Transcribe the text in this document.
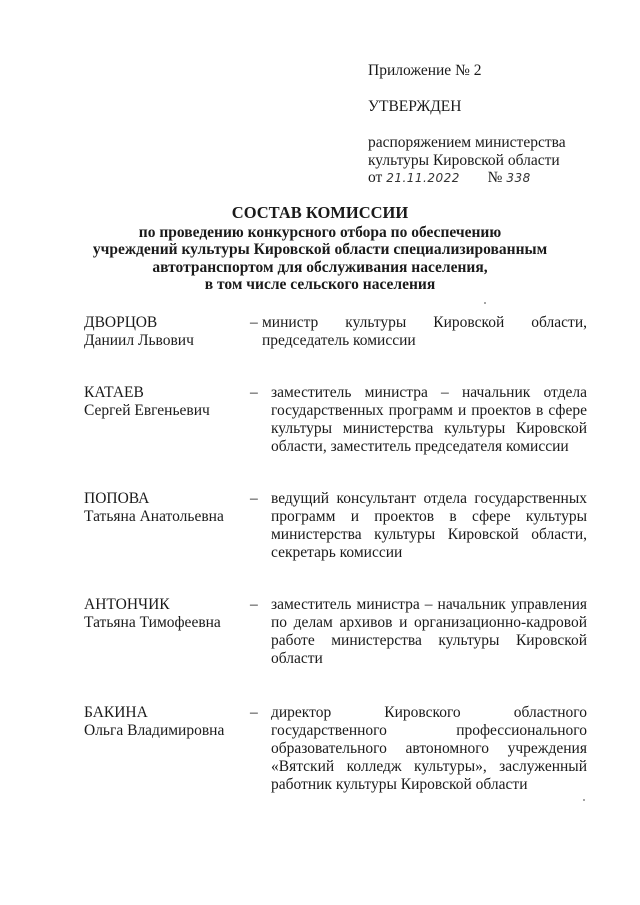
Приложение № 2
УТВЕРЖДЕН
распоряжением министерства
культуры Кировской области
от 21.11.2022 № 338
СОСТАВ КОМИССИИ
по проведению конкурсного отбора по обеспечению
учреждений культуры Кировской области специализированным
автотранспортом для обслуживания населения,
в том числе сельского населения
ДВОРЦОВ
Даниил Львович
– министр культуры Кировской области, председатель комиссии
КАТАЕВ
Сергей Евгеньевич
– заместитель министра – начальник отдела государственных программ и проектов в сфере культуры министерства культуры Кировской области, заместитель председателя комиссии
ПОПОВА
Татьяна Анатольевна
– ведущий консультант отдела государственных программ и проектов в сфере культуры министерства культуры Кировской области, секретарь комиссии
АНТОНЧИК
Татьяна Тимофеевна
– заместитель министра – начальник управления по делам архивов и организационно-кадровой работе министерства культуры Кировской области
БАКИНА
Ольга Владимировна
– директор Кировского областного государственного профессионального образовательного автономного учреждения «Вятский колледж культуры», заслуженный работник культуры Кировской области
